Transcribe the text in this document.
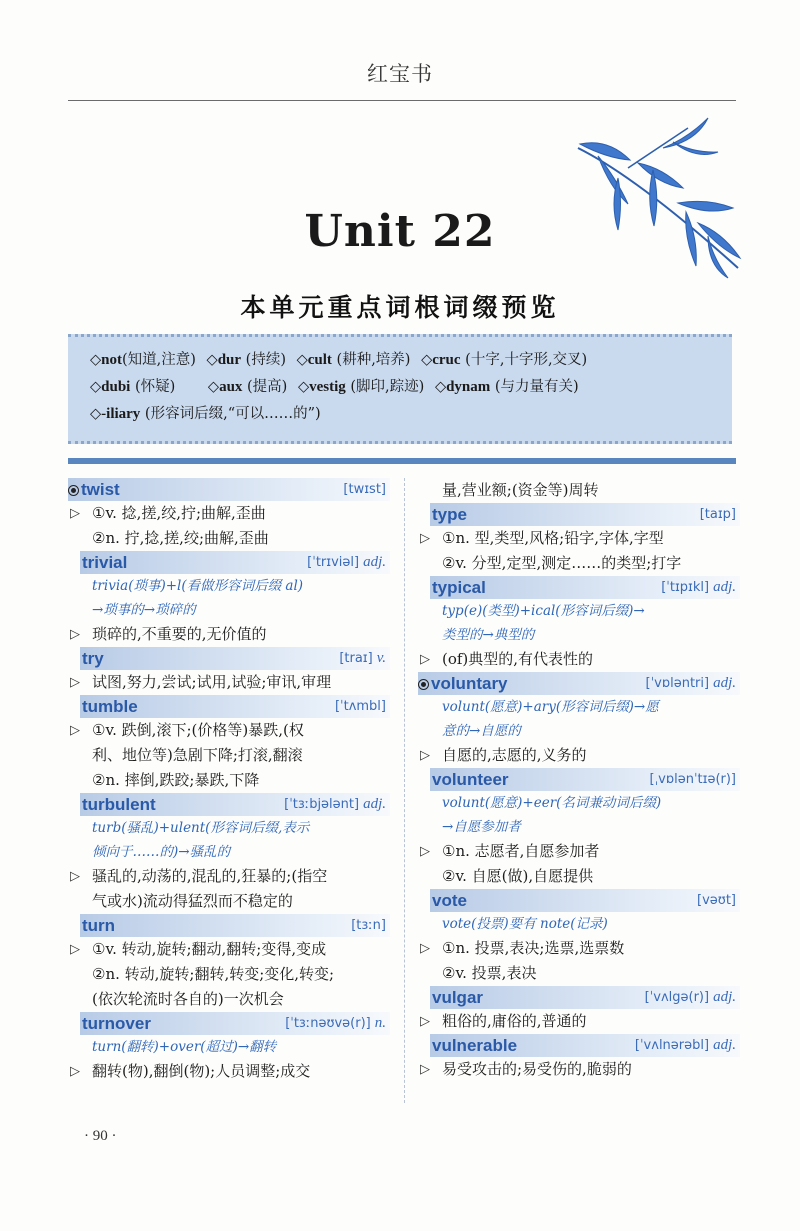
红宝书
Unit 22
本单元重点词根词缀预览
◇not(知道,注意) ◇dur (持续) ◇cult (耕种,培养) ◇cruc (十字,十字形,交叉)
◇dubi (怀疑) ◇aux (提高) ◇vestig (脚印,踪迹) ◇dynam (与力量有关)
◇-iliary (形容词后缀,“可以……的”)
twist	[twɪst]
▷ ①v. 捻,搓,绞,拧;曲解,歪曲
②n. 拧,捻,搓,绞;曲解,歪曲
trivial	[ˈtrɪviəl] adj.
trivia(琐事)+l(看做形容词后缀 al)
→琐事的→琐碎的
▷ 琐碎的,不重要的,无价值的
try	[traɪ] v.
▷ 试图,努力,尝试;试用,试验;审讯,审理
tumble	[ˈtʌmbl]
▷ ①v. 跌倒,滚下;(价格等)暴跌,(权
利、地位等)急剧下降;打滚,翻滚
②n. 摔倒,跌跤;暴跌,下降
turbulent	[ˈtɜːbjələnt] adj.
turb(骚乱)+ulent(形容词后缀,表示
倾向于……的)→骚乱的
▷ 骚乱的,动荡的,混乱的,狂暴的;(指空
气或水)流动得猛烈而不稳定的
turn	[tɜːn]
▷ ①v. 转动,旋转;翻动,翻转;变得,变成
②n. 转动,旋转;翻转,转变;变化,转变;
(依次轮流时各自的)一次机会
turnover	[ˈtɜːnəʊvə(r)] n.
turn(翻转)+over(超过)→翻转
▷ 翻转(物),翻倒(物);人员调整;成交
量,营业额;(资金等)周转
type	[taɪp]
▷ ①n. 型,类型,风格;铅字,字体,字型
②v. 分型,定型,测定……的类型;打字
typical	[ˈtɪpɪkl] adj.
typ(e)(类型)+ical(形容词后缀)→
类型的→典型的
▷ (of)典型的,有代表性的
voluntary	[ˈvɒləntri] adj.
volunt(愿意)+ary(形容词后缀)→愿
意的→自愿的
▷ 自愿的,志愿的,义务的
volunteer	[ˌvɒlənˈtɪə(r)]
volunt(愿意)+eer(名词兼动词后缀)
→自愿参加者
▷ ①n. 志愿者,自愿参加者
②v. 自愿(做),自愿提供
vote	[vəʊt]
vote(投票)要有 note(记录)
▷ ①n. 投票,表决;选票,选票数
②v. 投票,表决
vulgar	[ˈvʌlgə(r)] adj.
▷ 粗俗的,庸俗的,普通的
vulnerable	[ˈvʌlnərəbl] adj.
▷ 易受攻击的;易受伤的,脆弱的
· 90 ·
